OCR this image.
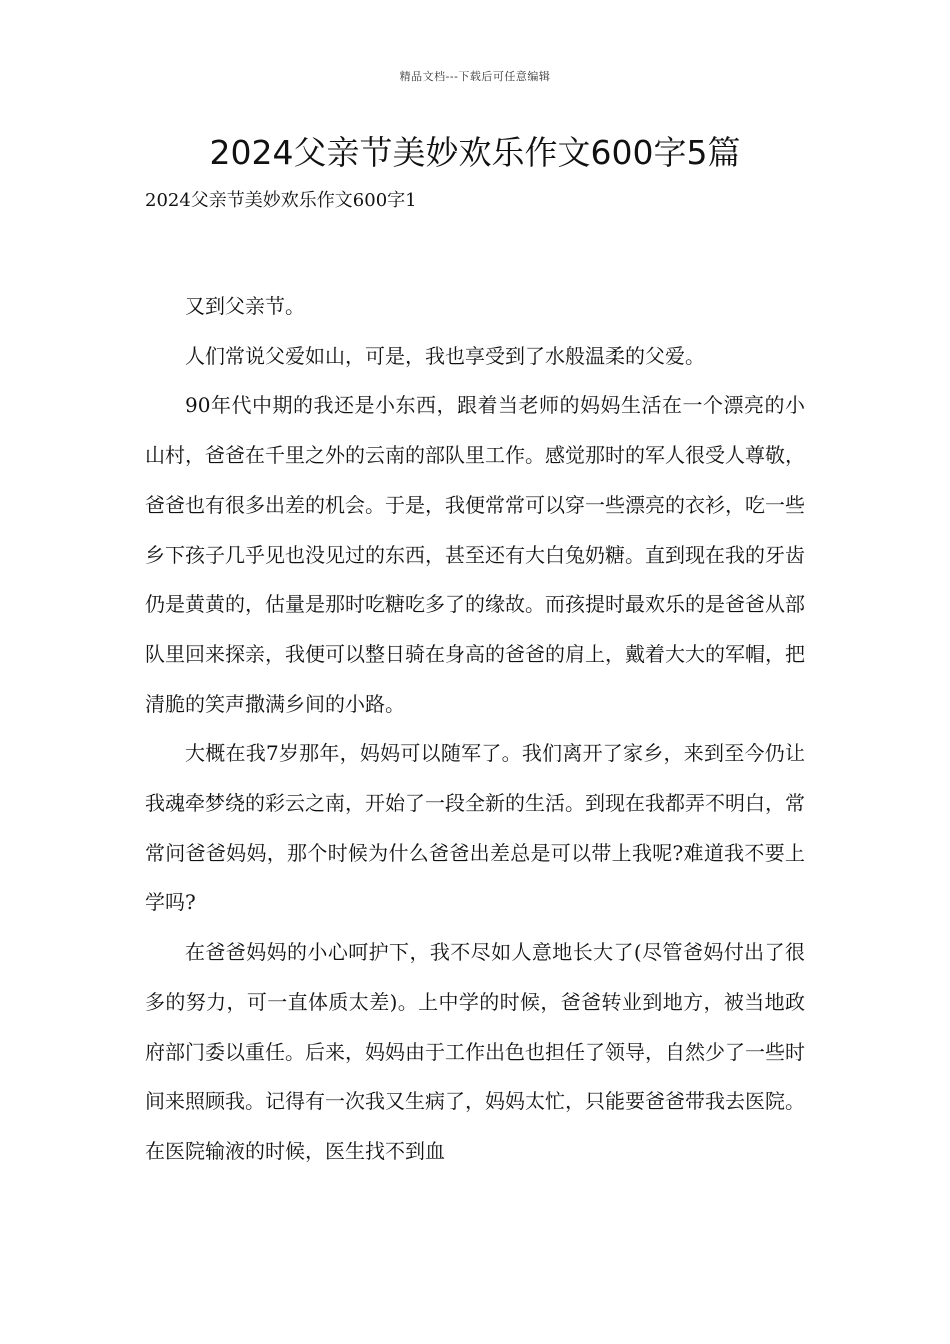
精品文档---下载后可任意编辑
2024父亲节美妙欢乐作文600字5篇

2024父亲节美妙欢乐作文600字1

又到父亲节。

人们常说父爱如山，可是，我也享受到了水般温柔的父爱。

90年代中期的我还是小东西，跟着当老师的妈妈生活在一个漂亮的小山村，爸爸在千里之外的云南的部队里工作。感觉那时的军人很受人尊敬，爸爸也有很多出差的机会。于是，我便常常可以穿一些漂亮的衣衫，吃一些乡下孩子几乎见也没见过的东西，甚至还有大白兔奶糖。直到现在我的牙齿仍是黄黄的，估量是那时吃糖吃多了的缘故。而孩提时最欢乐的是爸爸从部队里回来探亲，我便可以整日骑在身高的爸爸的肩上，戴着大大的军帽，把清脆的笑声撒满乡间的小路。

大概在我7岁那年，妈妈可以随军了。我们离开了家乡，来到至今仍让我魂牵梦绕的彩云之南，开始了一段全新的生活。到现在我都弄不明白，常常问爸爸妈妈，那个时候为什么爸爸出差总是可以带上我呢?难道我不要上学吗?

在爸爸妈妈的小心呵护下，我不尽如人意地长大了(尽管爸妈付出了很多的努力，可一直体质太差)。上中学的时候，爸爸转业到地方，被当地政府部门委以重任。后来，妈妈由于工作出色也担任了领导，自然少了一些时间来照顾我。记得有一次我又生病了，妈妈太忙，只能要爸爸带我去医院。在医院输液的时候，医生找不到血
